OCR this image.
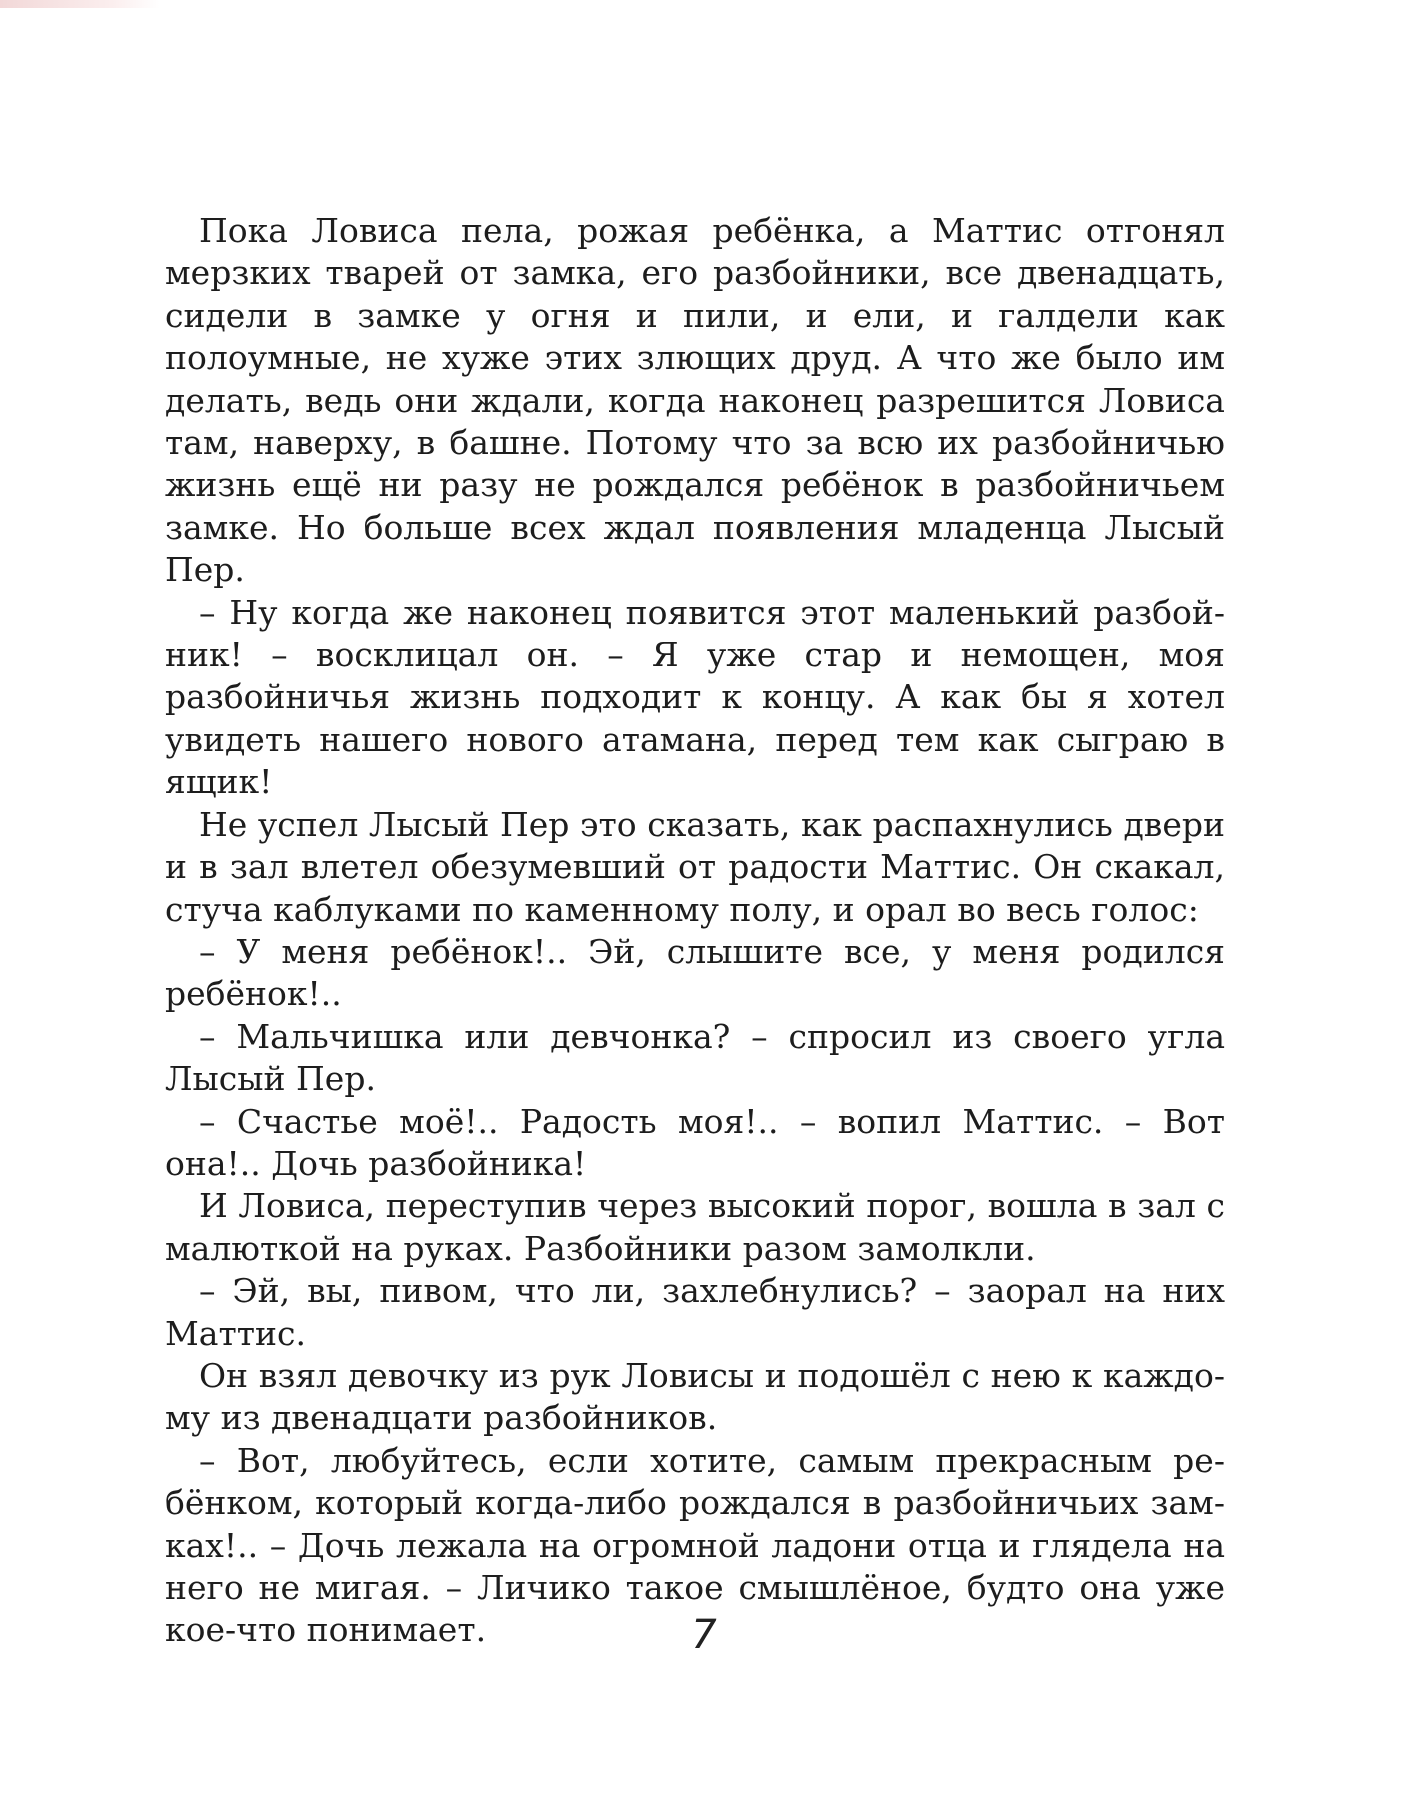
Пока Ловиса пела, рожая ребёнка, а Маттис отгонял мерзких тварей от замка, его разбойники, все двенадцать, сидели в замке у огня и пили, и ели, и галдели как полоумные, не хуже этих злющих друд. А что же было им делать, ведь они ждали, когда наконец разрешится Ловиса там, наверху, в башне. Потому что за всю их разбойничью жизнь ещё ни разу не рождался ребёнок в разбойничьем замке. Но больше всех ждал появления младенца Лысый Пер.

– Ну когда же наконец появится этот маленький разбойник! – восклицал он. – Я уже стар и немощен, моя разбойничья жизнь подходит к концу. А как бы я хотел увидеть нашего нового атамана, перед тем как сыграю в ящик!

Не успел Лысый Пер это сказать, как распахнулись двери и в зал влетел обезумевший от радости Маттис. Он скакал, стуча каблуками по каменному полу, и орал во весь голос:

– У меня ребёнок!.. Эй, слышите все, у меня родился ребёнок!..

– Мальчишка или девчонка? – спросил из своего угла Лысый Пер.

– Счастье моё!.. Радость моя!.. – вопил Маттис. – Вот она!.. Дочь разбойника!

И Ловиса, переступив через высокий порог, вошла в зал с малюткой на руках. Разбойники разом замолкли.

– Эй, вы, пивом, что ли, захлебнулись? – заорал на них Маттис.

Он взял девочку из рук Ловисы и подошёл с нею к каждому из двенадцати разбойников.

– Вот, любуйтесь, если хотите, самым прекрасным ребёнком, который когда-либо рождался в разбойничьих замках!.. – Дочь лежала на огромной ладони отца и глядела на него не мигая. – Личико такое смышлёное, будто она уже кое-что понимает.	7
